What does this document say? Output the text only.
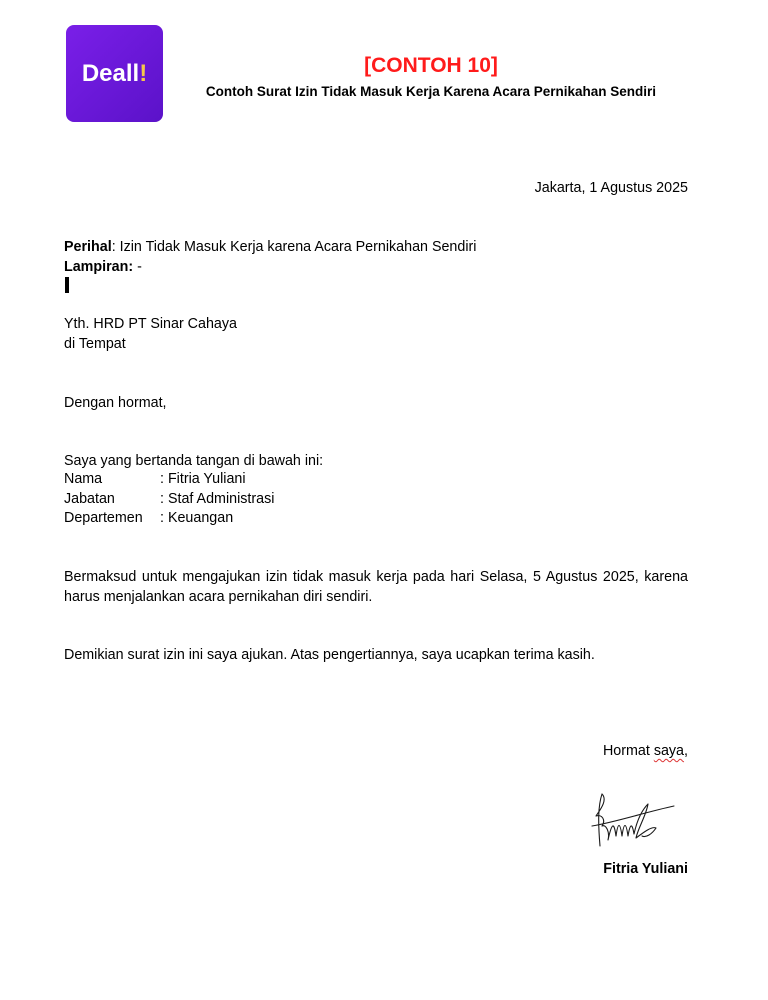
Deall !	[CONTOH 10]
Contoh Surat Izin Tidak Masuk Kerja Karena Acara Pernikahan Sendiri
Jakarta, 1 Agustus 2025
Perihal: Izin Tidak Masuk Kerja karena Acara Pernikahan Sendiri
Lampiran: -
Yth. HRD PT Sinar Cahaya
di Tempat
Dengan hormat,
Saya yang bertanda tangan di bawah ini:
Nama	: Fitria Yuliani
Jabatan	: Staf Administrasi
Departemen : Keuangan
Bermaksud untuk mengajukan izin tidak masuk kerja pada hari Selasa, 5 Agustus 2025, karena harus menjalankan acara pernikahan diri sendiri.
Demikian surat izin ini saya ajukan. Atas pengertiannya, saya ucapkan terima kasih.
Hormat saya,
Fitria Yuliani
